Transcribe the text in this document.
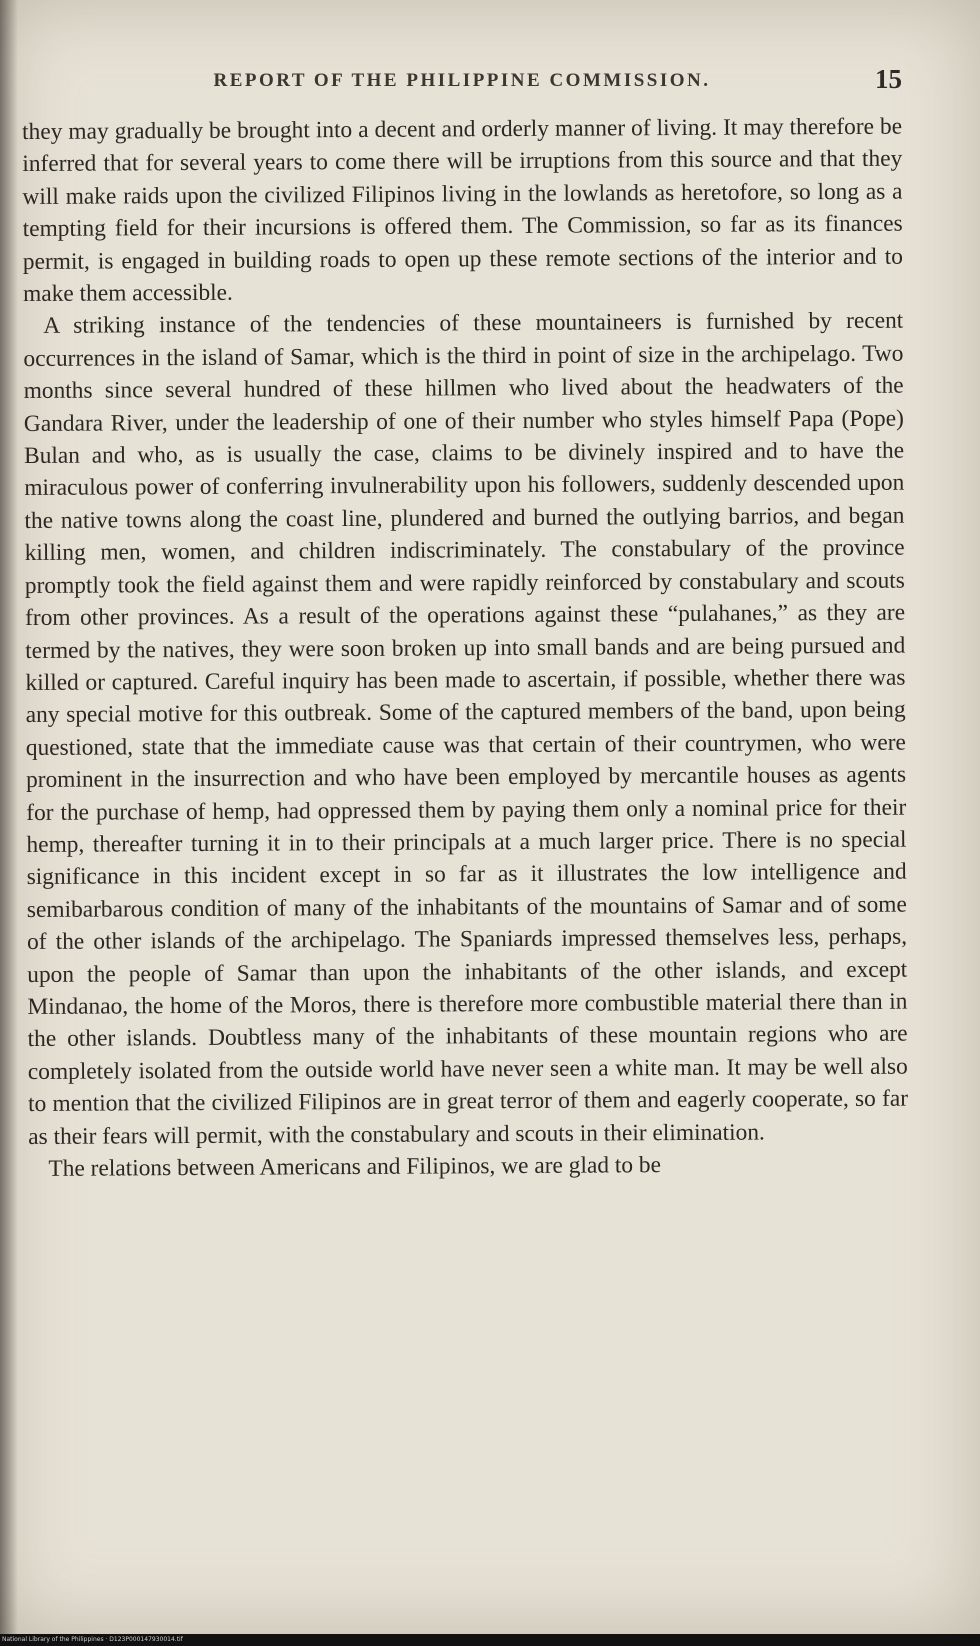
REPORT OF THE PHILIPPINE COMMISSION.	15

they may gradually be brought into a decent and orderly manner of living. It may therefore be inferred that for several years to come there will be irruptions from this source and that they will make raids upon the civilized Filipinos living in the lowlands as heretofore, so long as a tempting field for their incursions is offered them. The Commission, so far as its finances permit, is engaged in building roads to open up these remote sections of the interior and to make them accessible.

A striking instance of the tendencies of these mountaineers is furnished by recent occurrences in the island of Samar, which is the third in point of size in the archipelago. Two months since several hundred of these hillmen who lived about the headwaters of the Gandara River, under the leadership of one of their number who styles himself Papa (Pope) Bulan and who, as is usually the case, claims to be divinely inspired and to have the miraculous power of conferring invulnerability upon his followers, suddenly descended upon the native towns along the coast line, plundered and burned the outlying barrios, and began killing men, women, and children indiscriminately. The constabulary of the province promptly took the field against them and were rapidly reinforced by constabulary and scouts from other provinces. As a result of the operations against these “pulahanes,” as they are termed by the natives, they were soon broken up into small bands and are being pursued and killed or captured. Careful inquiry has been made to ascertain, if possible, whether there was any special motive for this outbreak. Some of the captured members of the band, upon being questioned, state that the immediate cause was that certain of their countrymen, who were prominent in the insurrection and who have been employed by mercantile houses as agents for the purchase of hemp, had oppressed them by paying them only a nominal price for their hemp, thereafter turning it in to their principals at a much larger price. There is no special significance in this incident except in so far as it illustrates the low intelligence and semibarbarous condition of many of the inhabitants of the mountains of Samar and of some of the other islands of the archipelago. The Spaniards impressed themselves less, perhaps, upon the people of Samar than upon the inhabitants of the other islands, and except Mindanao, the home of the Moros, there is therefore more combustible material there than in the other islands. Doubtless many of the inhabitants of these mountain regions who are completely isolated from the outside world have never seen a white man. It may be well also to mention that the civilized Filipinos are in great terror of them and eagerly cooperate, so far as their fears will permit, with the constabulary and scouts in their elimination.

The relations between Americans and Filipinos, we are glad to be

National Library of the Philippines · D123P000147930014.tif
